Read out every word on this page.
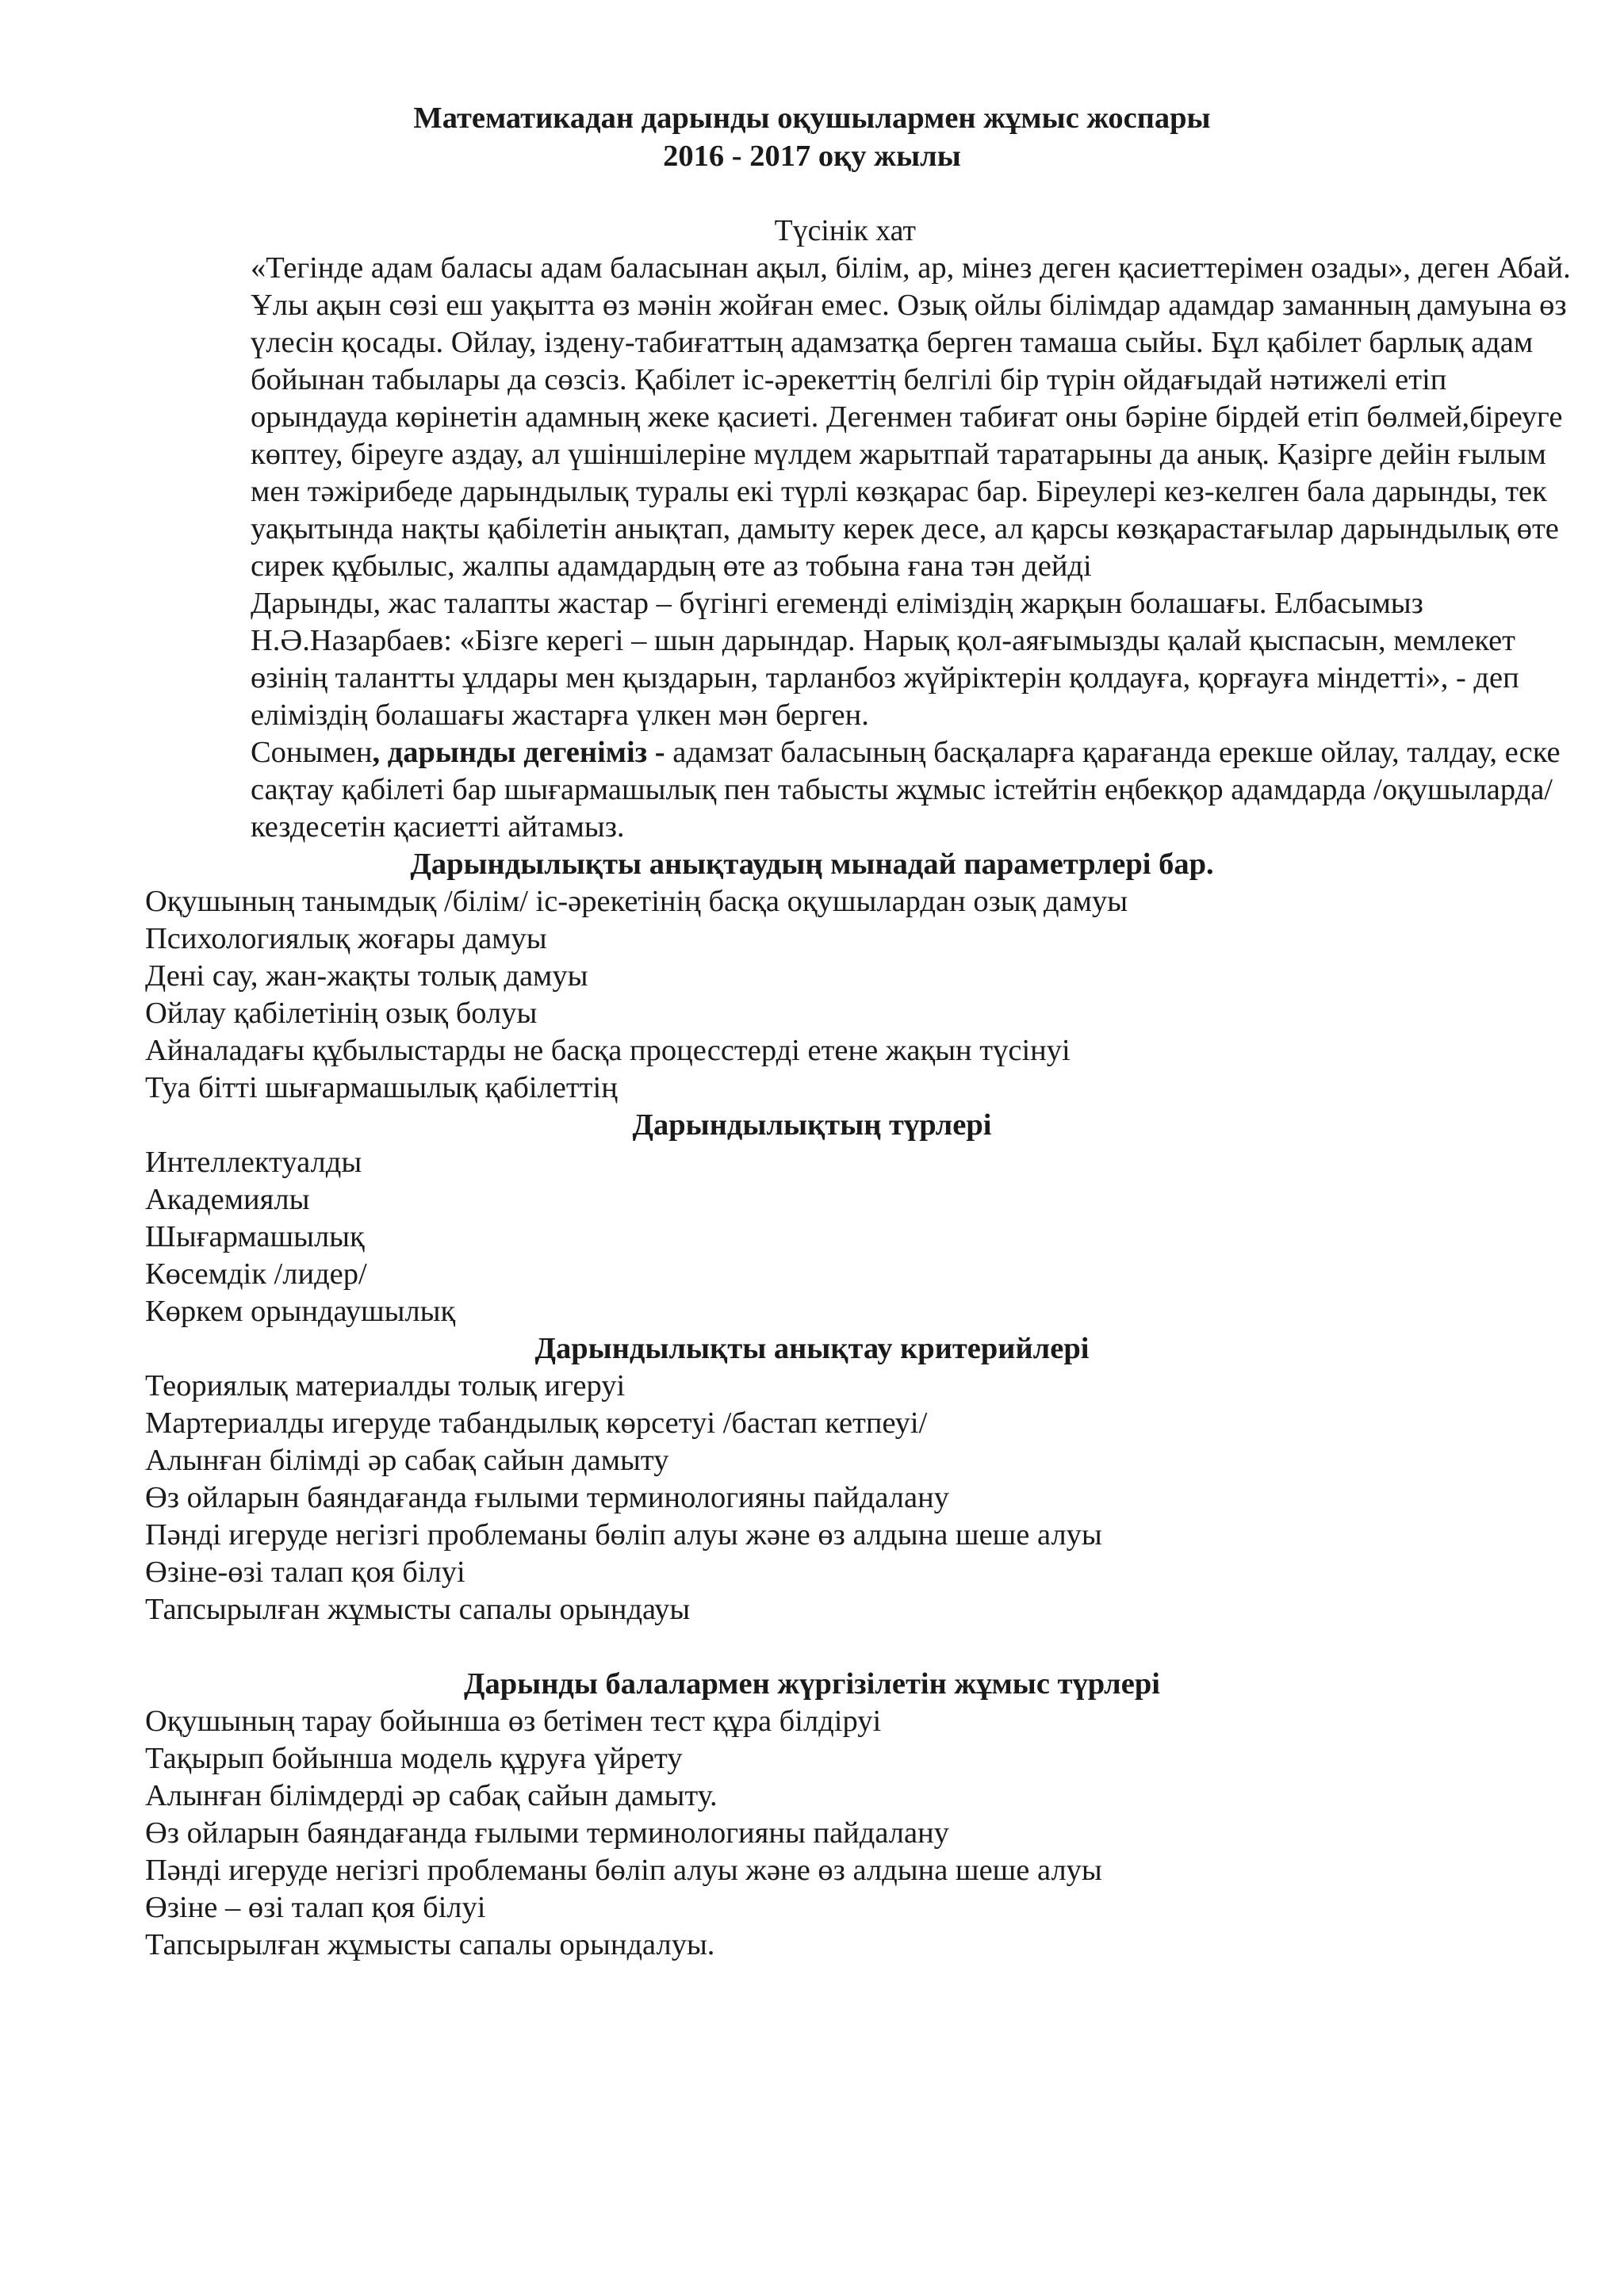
Математикадан дарынды оқушылармен жұмыс жоспары
2016 - 2017 оқу жылы
Түсінік хат
«Тегінде адам баласы адам баласынан ақыл, білім, ар, мінез деген қасиеттерімен озады», деген Абай.
Ұлы ақын сөзі еш уақытта өз мәнін жойған емес. Озық ойлы білімдар адамдар заманның дамуына өз
үлесін қосады. Ойлау, іздену-табиғаттың адамзатқа берген тамаша сыйы. Бұл қабілет барлық адам
бойынан табылары да сөзсіз. Қабілет іс-әрекеттің белгілі бір түрін ойдағыдай нәтижелі етіп
орындауда көрінетін адамның жеке қасиеті. Дегенмен табиғат оны бәріне бірдей етіп бөлмей,біреуге
көптеу, біреуге аздау, ал үшіншілеріне мүлдем жарытпай таратарыны да анық. Қазірге дейін ғылым
мен тәжірибеде дарындылық туралы екі түрлі көзқарас бар. Біреулері кез-келген бала дарынды, тек
уақытында нақты қабілетін анықтап, дамыту керек десе, ал қарсы көзқарастағылар дарындылық өте
сирек құбылыс, жалпы адамдардың өте аз тобына ғана тән дейді
Дарынды, жас талапты жастар – бүгінгі егеменді еліміздің жарқын болашағы. Елбасымыз
Н.Ә.Назарбаев: «Бізге керегі – шын дарындар. Нарық қол-аяғымызды қалай қыспасын, мемлекет
өзінің талантты ұлдары мен қыздарын, тарланбоз жүйріктерін қолдауға, қорғауға міндетті», - деп
еліміздің болашағы жастарға үлкен мән берген.
Сонымен, дарынды дегеніміз - адамзат баласының басқаларға қарағанда ерекше ойлау, талдау, еске
сақтау қабілеті бар шығармашылық пен табысты жұмыс істейтін еңбекқор адамдарда /оқушыларда/
кездесетін қасиетті айтамыз.
Дарындылықты анықтаудың мынадай параметрлері бар.
Оқушының танымдық /білім/ іс-әрекетінің басқа оқушылардан озық дамуы
Психологиялық жоғары дамуы
Дені сау, жан-жақты толық дамуы
Ойлау қабілетінің озық болуы
Айналадағы құбылыстарды не басқа процесстерді етене жақын түсінуі
Туа бітті шығармашылық қабілеттің
Дарындылықтың түрлері
Интеллектуалды
Академиялы
Шығармашылық
Көсемдік /лидер/
Көркем орындаушылық
Дарындылықты анықтау критерийлері
Теориялық материалды толық игеруі
Мартериалды игеруде табандылық көрсетуі /бастап кетпеуі/
Алынған білімді әр сабақ сайын дамыту
Өз ойларын баяндағанда ғылыми терминологияны пайдалану
Пәнді игеруде негізгі проблеманы бөліп алуы және өз алдына шеше алуы
Өзіне-өзі талап қоя білуі
Тапсырылған жұмысты сапалы орындауы
Дарынды балалармен жүргізілетін жұмыс түрлері
Оқушының тарау бойынша өз бетімен тест құра білдіруі
Тақырып бойынша модель құруға үйрету
Алынған білімдерді әр сабақ сайын дамыту.
Өз ойларын баяндағанда ғылыми терминологияны пайдалану
Пәнді игеруде негізгі проблеманы бөліп алуы және өз алдына шеше алуы
Өзіне – өзі талап қоя білуі
Тапсырылған жұмысты сапалы орындалуы.
